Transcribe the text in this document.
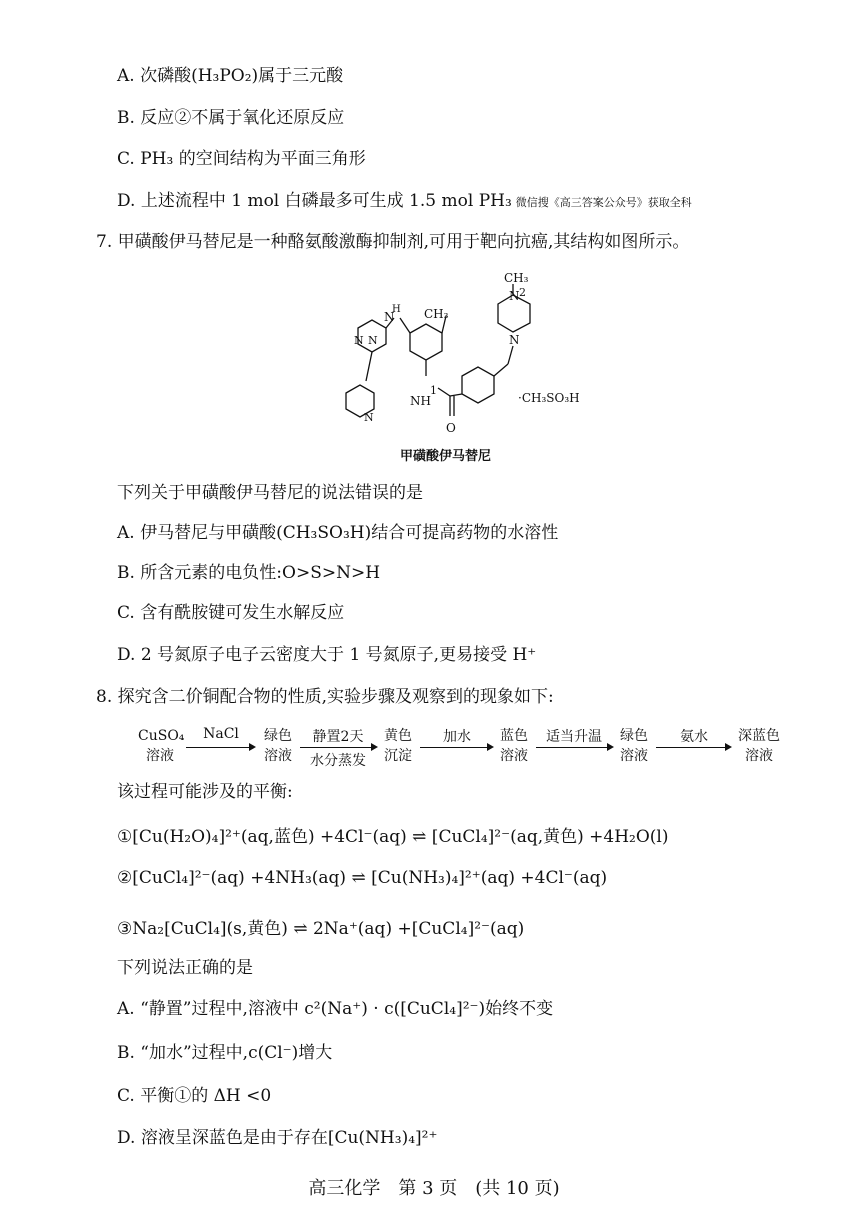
A. 次磷酸(H₃PO₂)属于三元酸
B. 反应②不属于氧化还原反应
C. PH₃ 的空间结构为平面三角形
D. 上述流程中 1 mol 白磷最多可生成 1.5 mol PH₃ 微信搜《高三答案公众号》获取全科
7. 甲磺酸伊马替尼是一种酪氨酸激酶抑制剂,可用于靶向抗癌,其结构如图所示。
CH₃
N 2
N
H CH₃
N
NH
1
O
·CH₃SO₃H
N
N
N
甲磺酸伊马替尼
下列关于甲磺酸伊马替尼的说法错误的是
A. 伊马替尼与甲磺酸(CH₃SO₃H)结合可提高药物的水溶性
B. 所含元素的电负性:O>S>N>H
C. 含有酰胺键可发生水解反应
D. 2 号氮原子电子云密度大于 1 号氮原子,更易接受 H⁺
8. 探究含二价铜配合物的性质,实验步骤及观察到的现象如下:
CuSO₄
溶液
NaCl	绿色
溶液
静置2天
水分蒸发
黄色
沉淀
加水	蓝色
溶液
适当升温	绿色
溶液
氨水	深蓝色
溶液
该过程可能涉及的平衡:
①[Cu(H₂O)₄]²⁺(aq,蓝色) +4Cl⁻(aq) ⇌ [CuCl₄]²⁻(aq,黄色) +4H₂O(l)
②[CuCl₄]²⁻(aq) +4NH₃(aq) ⇌ [Cu(NH₃)₄]²⁺(aq) +4Cl⁻(aq)
③Na₂[CuCl₄](s,黄色) ⇌ 2Na⁺(aq) +[CuCl₄]²⁻(aq)
下列说法正确的是
A. “静置”过程中,溶液中 c²(Na⁺) · c([CuCl₄]²⁻)始终不变
B. “加水”过程中,c(Cl⁻)增大
C. 平衡①的 ΔH <0
D. 溶液呈深蓝色是由于存在[Cu(NH₃)₄]²⁺
高三化学　第 3 页　(共 10 页)
